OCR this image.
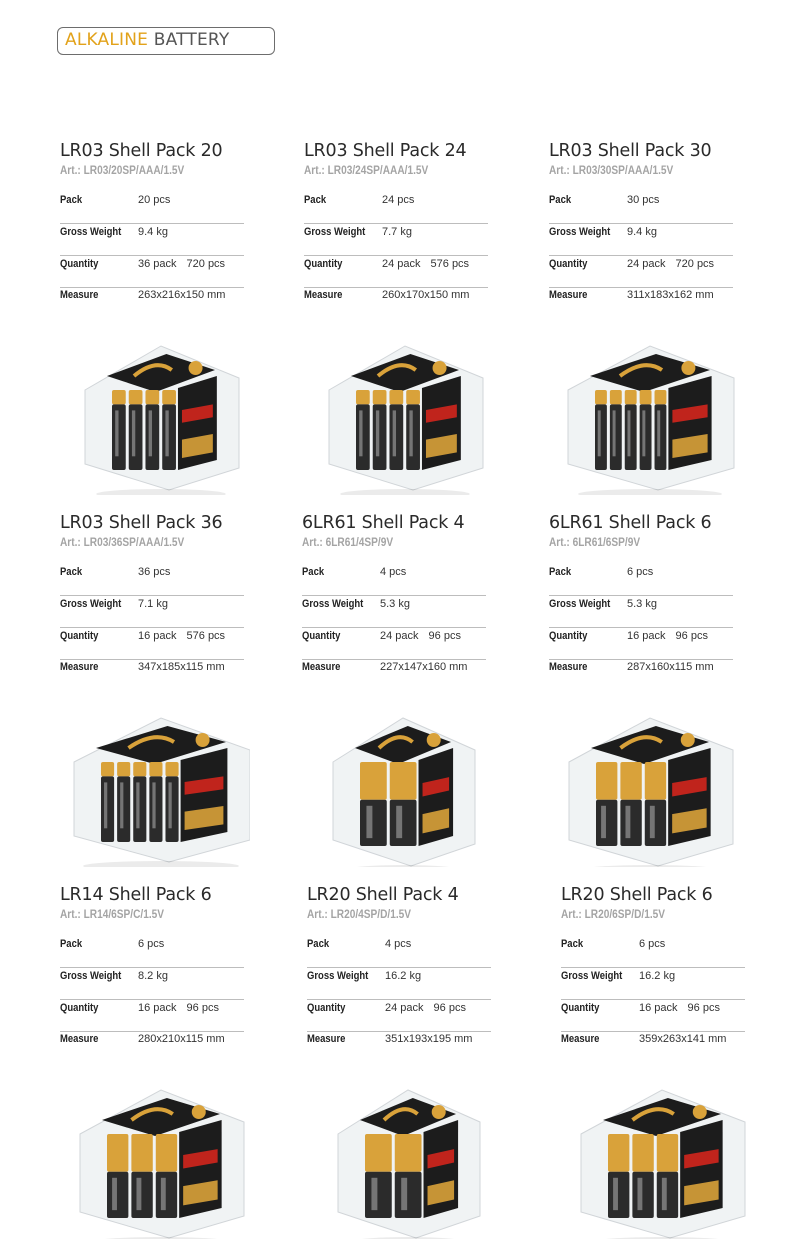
ALKALINE BATTERY
LR03 Shell Pack 20
Art.: LR03/20SP/AAA/1.5V
Pack	20 pcs
Gross Weight 9.4 kg
Quantity	36 pack 720 pcs
Measure	263x216x150 mm
LR03 Shell Pack 24
Art.: LR03/24SP/AAA/1.5V
Pack	24 pcs
Gross Weight 7.7 kg
Quantity	24 pack 576 pcs
Measure	260x170x150 mm
LR03 Shell Pack 30
Art.: LR03/30SP/AAA/1.5V
Pack	30 pcs
Gross Weight 9.4 kg
Quantity	24 pack 720 pcs
Measure	311x183x162 mm
LR03 Shell Pack 36
Art.: LR03/36SP/AAA/1.5V
Pack	36 pcs
Gross Weight 7.1 kg
Quantity	16 pack 576 pcs
Measure	347x185x115 mm
6LR61 Shell Pack 4
Art.: 6LR61/4SP/9V
Pack	4 pcs
Gross Weight 5.3 kg
Quantity	24 pack 96 pcs
Measure	227x147x160 mm
6LR61 Shell Pack 6
Art.: 6LR61/6SP/9V
Pack	6 pcs
Gross Weight 5.3 kg
Quantity	16 pack 96 pcs
Measure	287x160x115 mm
LR14 Shell Pack 6
Art.: LR14/6SP/C/1.5V
Pack	6 pcs
Gross Weight 8.2 kg
Quantity	16 pack 96 pcs
Measure	280x210x115 mm
LR20 Shell Pack 4
Art.: LR20/4SP/D/1.5V
Pack	4 pcs
Gross Weight 16.2 kg
Quantity	24 pack 96 pcs
Measure	351x193x195 mm
LR20 Shell Pack 6
Art.: LR20/6SP/D/1.5V
Pack	6 pcs
Gross Weight 16.2 kg
Quantity	16 pack 96 pcs
Measure	359x263x141 mm
